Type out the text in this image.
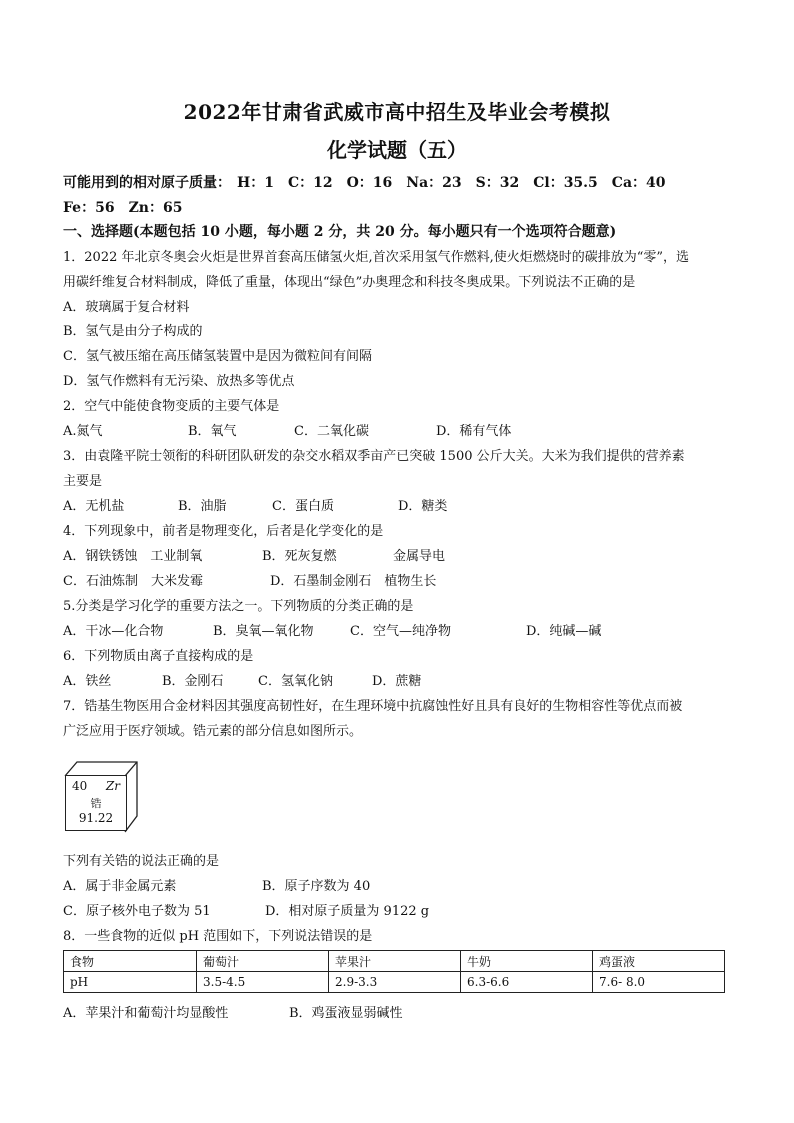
2022年甘肃省武威市高中招生及毕业会考模拟
化学试题（五）
可能用到的相对原子质量： H：1 C：12 O：16 Na：23 S：32 Cl：35.5 Ca：40
Fe：56 Zn：65
一、选择题(本题包括 10 小题，每小题 2 分，共 20 分。每小题只有一个选项符合题意)
1．2022 年北京冬奥会火炬是世界首套高压储氢火炬,首次采用氢气作燃料,使火炬燃烧时的碳排放为“零”，选
用碳纤维复合材料制成，降低了重量，体现出“绿色”办奥理念和科技冬奥成果。下列说法不正确的是
A．玻璃属于复合材料
B．氢气是由分子构成的
C．氢气被压缩在高压储氢装置中是因为微粒间有间隔
D．氢气作燃料有无污染、放热多等优点
2．空气中能使食物变质的主要气体是
A.氮气	B．氧气	C．二氧化碳	D．稀有气体
3．由袁隆平院士领衔的科研团队研发的杂交水稻双季亩产已突破 1500 公斤大关。大米为我们提供的营养素
主要是
A．无机盐	B．油脂	C．蛋白质	D．糖类
4．下列现象中，前者是物理变化，后者是化学变化的是
A．钢铁锈蚀　工业制氧	B．死灰复燃	金属导电
C．石油炼制　大米发霉	D．石墨制金刚石　植物生长
5.分类是学习化学的重要方法之一。下列物质的分类正确的是
A．干冰—化合物	B．臭氧—氧化物	C．空气—纯净物	D．纯碱—碱
6．下列物质由离子直接构成的是
A．铁丝	B．金刚石	C．氢氧化钠	D．蔗糖
7．锆基生物医用合金材料因其强度高韧性好，在生理环境中抗腐蚀性好且具有良好的生物相容性等优点而被
广泛应用于医疗领域。锆元素的部分信息如图所示。
40 Zr
锆
91.22
下列有关锆的说法正确的是
A．属于非金属元素	B．原子序数为 40
C．原子核外电子数为 51	D．相对原子质量为 9122 g
8．一些食物的近似 pH 范围如下，下列说法错误的是
食物	葡萄汁	苹果汁	牛奶	鸡蛋液
pH	3.5-4.5	2.9-3.3	6.3-6.6	7.6- 8.0
A．苹果汁和葡萄汁均显酸性	B．鸡蛋液显弱碱性
